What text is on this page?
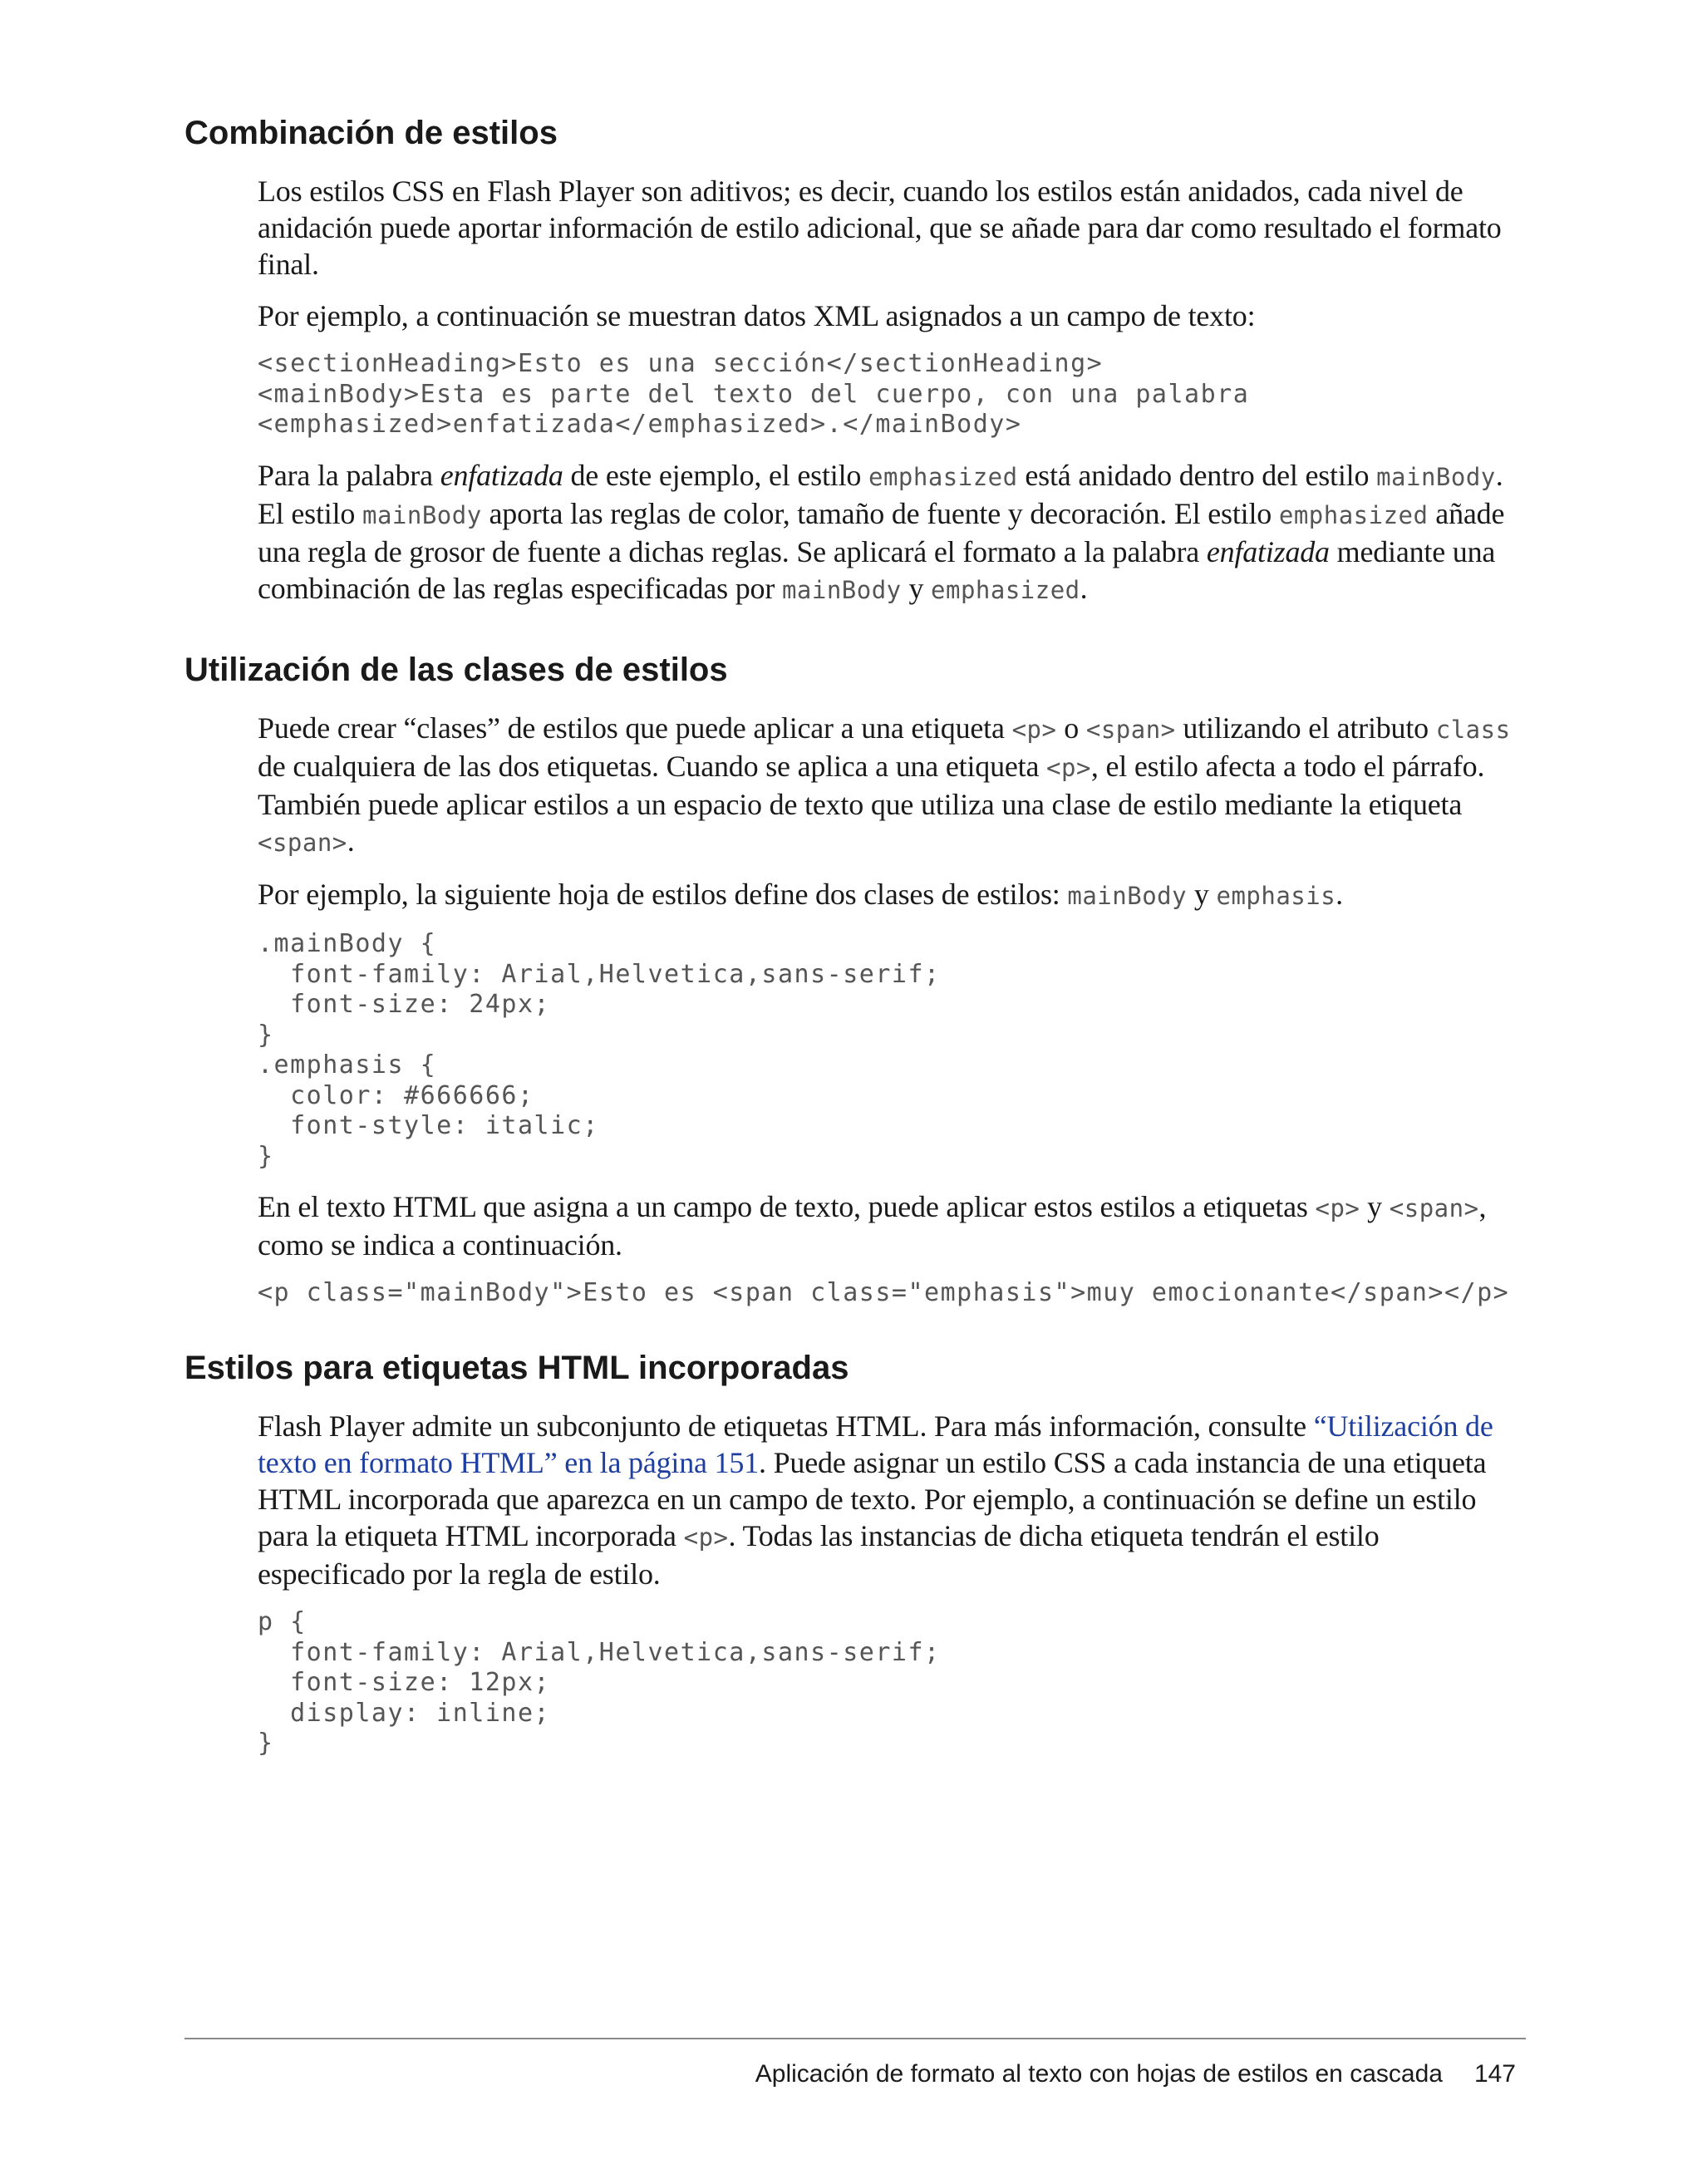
Combinación de estilos

Los estilos CSS en Flash Player son aditivos; es decir, cuando los estilos están anidados, cada nivel de anidación puede aportar información de estilo adicional, que se añade para dar como resultado el formato final.

Por ejemplo, a continuación se muestran datos XML asignados a un campo de texto:

<sectionHeading>Esto es una sección</sectionHeading>
<mainBody>Esta es parte del texto del cuerpo, con una palabra
<emphasized>enfatizada</emphasized>.</mainBody>

Para la palabra enfatizada de este ejemplo, el estilo emphasized está anidado dentro del estilo mainBody. El estilo mainBody aporta las reglas de color, tamaño de fuente y decoración. El estilo emphasized añade una regla de grosor de fuente a dichas reglas. Se aplicará el formato a la palabra enfatizada mediante una combinación de las reglas especificadas por mainBody y emphasized.

Utilización de las clases de estilos

Puede crear “clases” de estilos que puede aplicar a una etiqueta <p> o <span> utilizando el atributo class de cualquiera de las dos etiquetas. Cuando se aplica a una etiqueta <p>, el estilo afecta a todo el párrafo. También puede aplicar estilos a un espacio de texto que utiliza una clase de estilo mediante la etiqueta <span>.

Por ejemplo, la siguiente hoja de estilos define dos clases de estilos: mainBody y emphasis.

.mainBody {
font-family: Arial,Helvetica,sans-serif;
font-size: 24px;
}
.emphasis {
color: #666666;
font-style: italic;
}

En el texto HTML que asigna a un campo de texto, puede aplicar estos estilos a etiquetas <p> y <span>, como se indica a continuación.

<p class="mainBody">Esto es <span class="emphasis">muy emocionante</span></p>
Estilos para etiquetas HTML incorporadas

Flash Player admite un subconjunto de etiquetas HTML. Para más información, consulte “Utilización de texto en formato HTML” en la página 151. Puede asignar un estilo CSS a cada instancia de una etiqueta HTML incorporada que aparezca en un campo de texto. Por ejemplo, a continuación se define un estilo para la etiqueta HTML incorporada <p>. Todas las instancias de dicha etiqueta tendrán el estilo especificado por la regla de estilo.

p {
font-family: Arial,Helvetica,sans-serif;
font-size: 12px;
display: inline;
}
Aplicación de formato al texto con hojas de estilos en cascada 147
